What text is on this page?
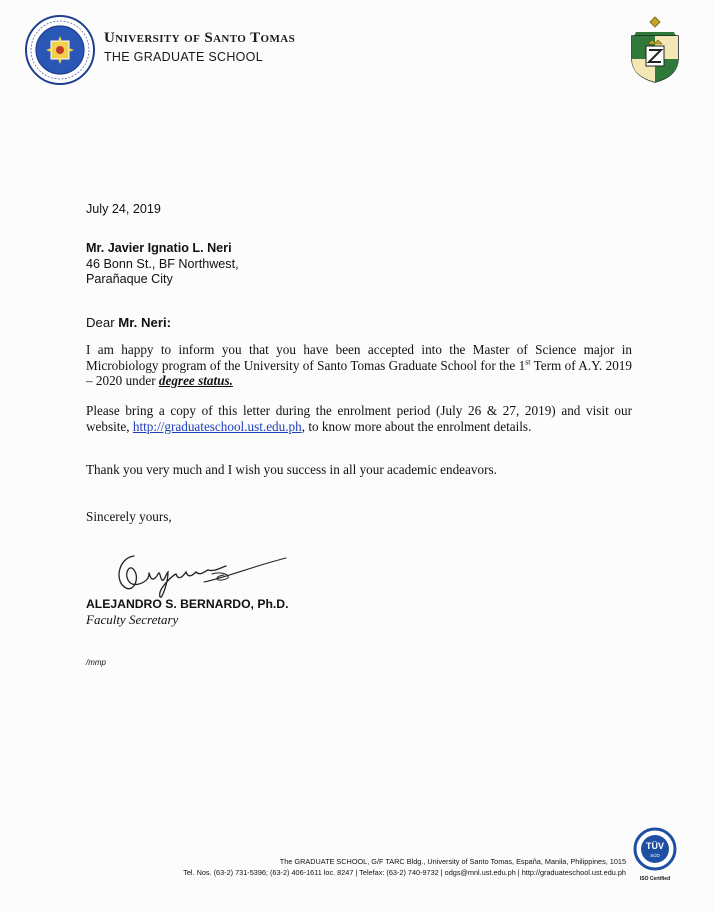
University of Santo Tomas
THE GRADUATE SCHOOL
July 24, 2019
Mr. Javier Ignatio L. Neri
46 Bonn St., BF Northwest,
Parañaque City
Dear Mr. Neri:
I am happy to inform you that you have been accepted into the Master of Science major in Microbiology program of the University of Santo Tomas Graduate School for the 1st Term of A.Y. 2019 – 2020 under degree status.
Please bring a copy of this letter during the enrolment period (July 26 & 27, 2019) and visit our website, http://graduateschool.ust.edu.ph, to know more about the enrolment details.
Thank you very much and I wish you success in all your academic endeavors.
Sincerely yours,
ALEJANDRO S. BERNARDO, Ph.D.
Faculty Secretary
/mmp
The GRADUATE SCHOOL, G/F TARC Bldg., University of Santo Tomas, España, Manila, Philippines, 1015
Tel. Nos. (63-2) 731-5396; (63-2) 406-1611 loc. 8247 | Telefax: (63-2) 740-9732 | odgs@mnl.ust.edu.ph | http://graduateschool.ust.edu.ph
TÜV
SÜD
ISO Certified
